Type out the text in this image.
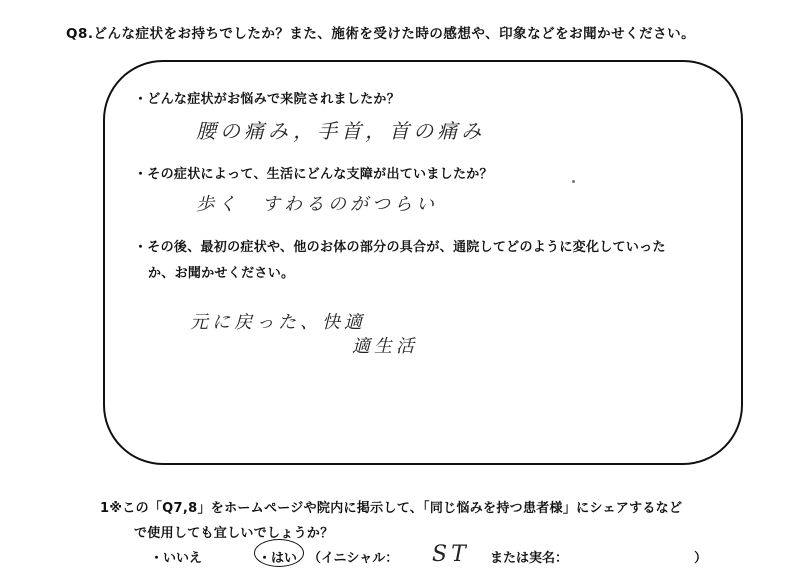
Q8.どんな症状をお持ちでしたか？また、施術を受けた時の感想や、印象などをお聞かせください。
・どんな症状がお悩みで来院されましたか？
腰の痛み，手首，首の痛み
・その症状によって、生活にどんな支障が出ていましたか？
歩く　すわるのがつらい
・その後、最初の症状や、他のお体の部分の具合が、通院してどのように変化していった
か、お聞かせください。
元に戻った、快適
適生活
1※この「Q7,8」をホームページや院内に掲示して、「同じ悩みを持つ患者様」にシェアするなど
で使用しても宜しいでしょうか？
・いいえ	・はい （イニシャル： ST または実名：	）
